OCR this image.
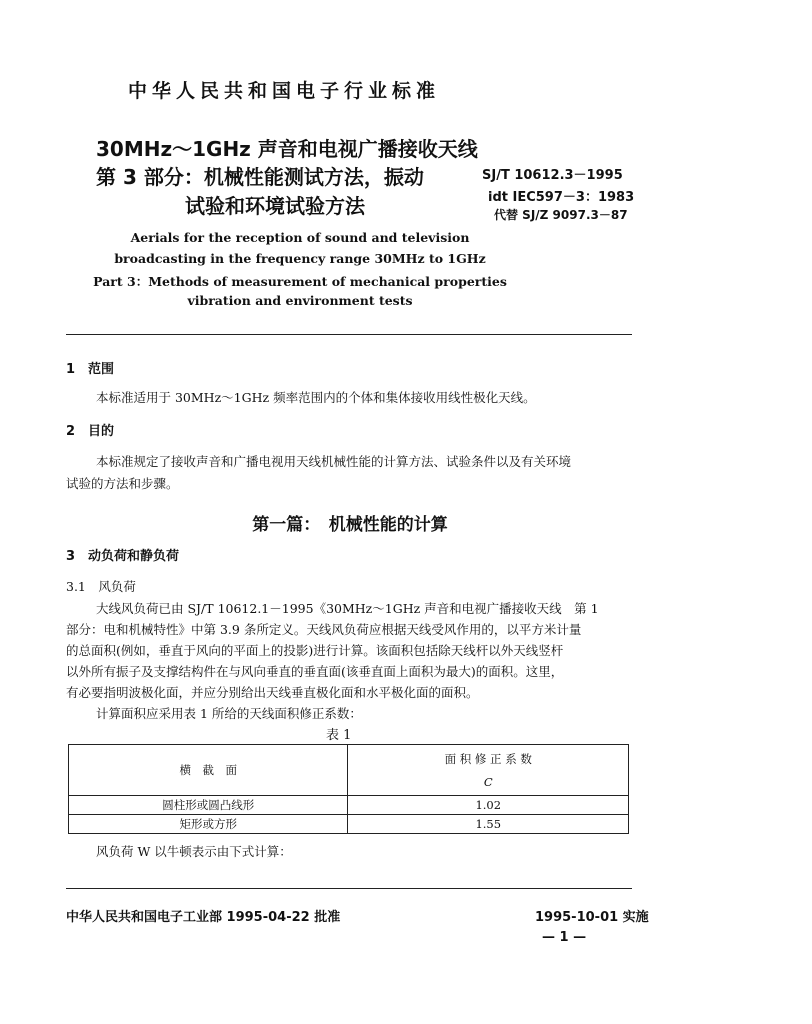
中华人民共和国电子行业标准
30MHz～1GHz 声音和电视广播接收天线
第 3 部分：机械性能测试方法，振动
试验和环境试验方法
SJ/T 10612.3－1995
idt IEC597－3：1983
代替 SJ/Z 9097.3－87
Aerials for the reception of sound and television
broadcasting in the frequency range 30MHz to 1GHz
Part 3：Methods of measurement of mechanical properties
vibration and environment tests
1　范围
本标准适用于 30MHz～1GHz 频率范围内的个体和集体接收用线性极化天线。
2　目的
本标准规定了接收声音和广播电视用天线机械性能的计算方法、试验条件以及有关环境
试验的方法和步骤。
第一篇：　机械性能的计算
3　动负荷和静负荷
3.1　风负荷
大线风负荷已由 SJ/T 10612.1－1995《30MHz～1GHz 声音和电视广播接收天线　第 1
部分：电和机械特性》中第 3.9 条所定义。天线风负荷应根据天线受风作用的，以平方米计量
的总面积(例如，垂直于风向的平面上的投影)进行计算。该面积包括除天线杆以外天线竖杆
以外所有振子及支撑结构件在与风向垂直的垂直面(该垂直面上面积为最大)的面积。这里，
有必要指明波极化面，并应分别给出天线垂直极化面和水平极化面的面积。
计算面积应采用表 1 所给的天线面积修正系数：
表 1
横　截　面	面 积 修 正 系 数
C

圆柱形或圆凸线形	1.02
矩形或方形	1.55
风负荷 W 以牛顿表示由下式计算：
中华人民共和国电子工业部 1995-04-22 批准	1995-10-01 实施
— 1 —
